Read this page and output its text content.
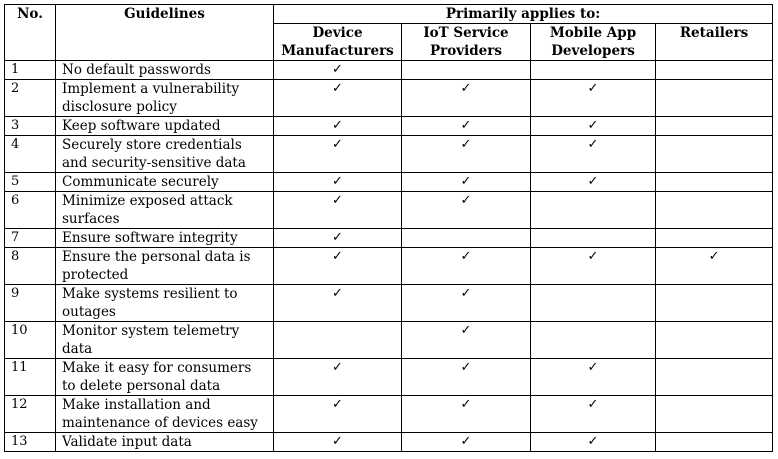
No.	Guidelines	Primarily applies to:			
		Device Manufacturers	IoT Service Providers	Mobile App Developers	Retailers
1	No default passwords	✓			
2	Implement a vulnerability disclosure policy	✓	✓	✓	
3	Keep software updated	✓	✓	✓	
4	Securely store credentials and security-sensitive data	✓	✓	✓	
5	Communicate securely	✓	✓	✓	
6	Minimize exposed attack surfaces	✓	✓		
7	Ensure software integrity	✓			
8	Ensure the personal data is protected	✓	✓	✓	✓
9	Make systems resilient to outages	✓	✓		
10	Monitor system telemetry data		✓		
11	Make it easy for consumers to delete personal data	✓	✓	✓	
12	Make installation and maintenance of devices easy	✓	✓	✓	
13	Validate input data	✓	✓	✓	
